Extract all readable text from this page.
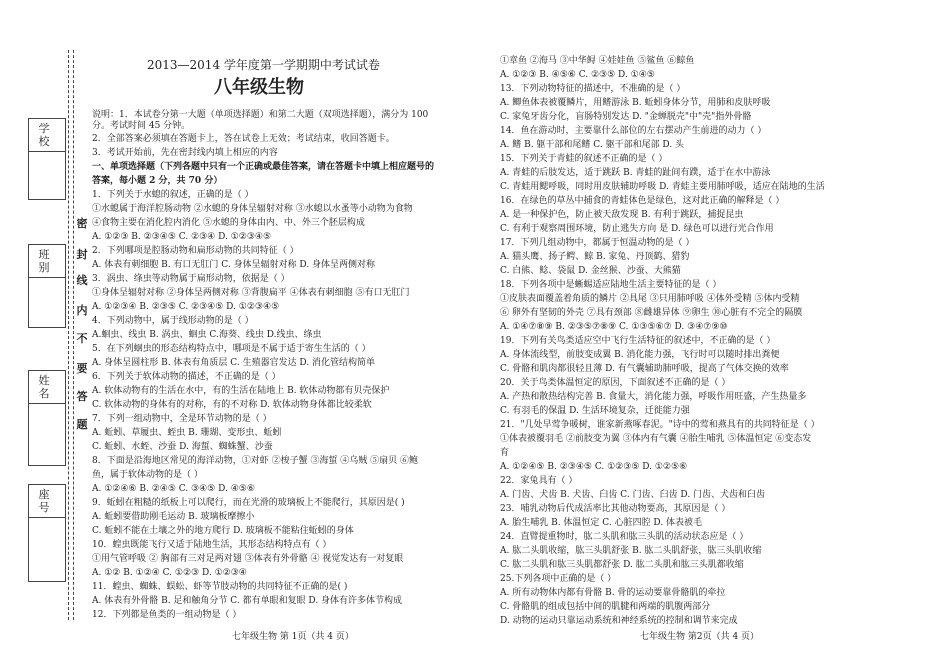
学 校
班 别
姓 名
座 号
密
封
线
内
不
要
答
题
2013—2014 学年度第一学期期中考试试卷
八年级生物
说明：1．本试卷分第一大题（单项选择题）和第二大题（双项选择题），满分为 100
分。考试时间 45 分钟。
2．全部答案必须填在答题卡上，答在试卷上无效；考试结束，收回答题卡。
3．考试开始前，先在密封线内填上相应的内容
一、单项选择题（下列各题中只有一个正确或最佳答案，请在答题卡中填上相应题号的
答案，每小题 2 分，共 70 分）
1．下列关于水螅的叙述，正确的是（ ）
①水螅属于海洋腔肠动物 ②水螅的身体呈辐射对称 ③水螅以水蚤等小动物为食物
④食物主要在消化腔内消化 ⑤水螅的身体由内、中、外三个胚层构成
A. ①②③ B. ②③④⑤ C. ②③④ D. ①②③④⑤
2．下列哪项是腔肠动物和扁形动物的共同特征（ ）
A. 体表有刺细胞 B. 有口无肛门 C. 身体呈辐射对称 D. 身体呈两侧对称
3．涡虫、绦虫等动物属于扁形动物，依据是（ ）
①身体呈辐射对称 ②身体呈两侧对称 ③背腹扁平 ④体表有刺细胞 ⑤有口无肛门
A. ①②③④ B. ②③⑤ C. ②③④⑤ D. ①②③④⑤
4．下列动物中，属于线形动物的是（ ）
A.蛔虫、线虫 B. 涡虫、蛔虫 C.海葵、线虫 D.线虫、绦虫
5．在下列蛔虫的形态结构特点中，哪项是不属于适于寄生生活的（ ）
A. 身体呈圆柱形 B. 体表有角质层 C. 生殖器官发达 D. 消化管结构简单
6．下列关于软体动物的描述，不正确的是（ ）
A. 软体动物有的生活在水中，有的生活在陆地上 B. 软体动物都有贝壳保护
C. 软体动物的身体有的对称，有的不对称 D. 软体动物身体都比较柔软
7．下列一组动物中，全是环节动物的是（ ）
A. 蚯蚓、草履虫、蛭虫 B. 珊瑚、变形虫、蚯蚓
C. 蚯蚓、水蛭、沙蚕 D. 海蜇、蜘蛛蟹、沙蚕
8．下面是沿海地区常见的海洋动物，①对虾 ②梭子蟹 ③海蜇 ④乌贼 ⑤扇贝 ⑥鲍
鱼，属于软体动物的是（ ）
A. ①②④⑥ B. ②④⑤ C. ③④⑤ D. ④⑤⑥
9．蚯蚓在粗糙的纸板上可以爬行，而在光滑的玻璃板上不能爬行，其原因是( )
A. 蚯蚓要借助刚毛运动 B. 玻璃板摩擦小
C. 蚯蚓不能在土壤之外的地方爬行 D. 玻璃板不能粘住蚯蚓的身体
10．蝗虫既能飞行又适于陆地生活，其形态结构特点有（ ）
①用气管呼吸 ② 胸部有三对足两对翅 ③体表有外骨骼 ④ 视觉发达有一对复眼
A. ①② B. ①②④ C. ①②③ D. ①②③④
11．蝗虫、蜘蛛、蜈蚣、虾等节肢动物的共同特征不正确的是( )
A. 体表有外骨骼 B. 足和触角分节 C. 都有单眼和复眼 D. 身体有许多体节构成
12．下列都是鱼类的一组动物是（ ）
①章鱼 ②海马 ③中华鲟 ④娃娃鱼 ⑤鲨鱼 ⑥鲸鱼
A. ①②③ B. ④⑤⑥ C. ②③⑤ D. ①④⑤
13．下列动物特征的描述中，不准确的是（ ）
A. 鲫鱼体表被覆鳞片，用鳍游泳 B. 蚯蚓身体分节，用肺和皮肤呼吸
C. 家兔牙齿分化，盲肠特别发达 D. "金蝉脱壳"中"壳"指外骨骼
14．鱼在游动时，主要靠什么部位的左右摆动产生前进的动力（ ）
A. 鳍 B. 躯干部和尾鳍 C. 躯干部和尾部 D. 头
15．下列关于青蛙的叙述不正确的是（ ）
A. 青蛙的后肢发达，适于跳跃 B. 青蛙的趾间有蹼，适于在水中游泳
C. 青蛙用鳃呼吸，同时用皮肤辅助呼吸 D. 青蛙主要用肺呼吸，适应在陆地的生活
16．在绿色的草丛中捕食的青蛙体色是绿色，这对此正确的解释是（ ）
A. 是一种保护色，防止被天敌发现 B. 有利于跳跃，捕捉昆虫
C. 有利于观察周围环境，防止逃失方向 是 D. 绿色可以进行光合作用
17．下列几组动物中，都属于恒温动物的是（ ）
A. 猫头鹰、扬子鳄、鲸 B. 家兔、丹顶鹤、猎豹
C. 白熊、鲶、袋鼠 D. 金丝猴、沙蚕、大熊猫
18．下列各项中是蜥蜴适应陆地生活主要特征的是（ ）
①皮肤表面覆盖着角质的鳞片 ②具尾 ③只用肺呼吸 ④体外受精 ⑤体内受精
⑥ 卵外有坚韧的外壳 ⑦具有颈部 ⑧雌雄异体 ⑨卵生 ⑩心脏有不完全的隔膜
A. ①④⑦⑧⑨ B. ②③⑤⑦⑧⑨ C. ①③⑤⑥⑦ D. ③④⑦⑨⑩
19．下列有关鸟类适应空中飞行生活特征的叙述中，不正确的是（ ）
A. 身体流线型，前肢变成翼 B. 消化能力强，飞行时可以随时排出粪便
C. 骨骼和肌肉都很轻且薄 D. 有气囊辅助肺呼吸，提高了气体交换的效率
20．关于鸟类体温恒定的原因，下面叙述不正确的是（ ）
A. 产热和散热结构完善 B. 食量大，消化能力强，呼吸作用旺盛，产生热量多
C. 有羽毛的保温 D. 生活环境复杂，迁徙能力强
21．"几处早莺争暖树，谁家新燕啄春泥。"诗中的莺和燕具有的共同特征是（ ）
①体表被覆羽毛 ②前肢变为翼 ③体内有气囊 ④胎生哺乳 ⑤体温恒定 ⑥变态发
育
A. ①②④⑤ B. ②③④⑤ C. ①②③⑤ D. ①②⑤⑥
22．家兔具有（ ）
A. 门齿、犬齿 B. 犬齿、臼齿 C. 门齿、臼齿 D. 门齿、犬齿和臼齿
23．哺乳动物后代成活率比其他动物要高，其原因是（ ）
A. 胎生哺乳 B. 体温恒定 C. 心脏四腔 D. 体表被毛
24．直臂提重物时，肱二头肌和肱三头肌的活动状态应是（ ）
A. 肱二头肌收缩，肱三头肌舒张 B. 肱二头肌舒张，肱三头肌收缩
C. 肱二头肌和肱三头肌都舒张 D. 肱二头肌和肱三头肌都收缩
25.下列各项中正确的是（ ）
A. 所有动物体内都有骨骼 B. 骨的运动要靠骨骼肌的牵拉
C. 骨骼肌的组成包括中间的肌腱和两端的肌腹两部分
D. 动物的运动只靠运动系统和神经系统的控制和调节来完成
七年级生物 第 1页（共 4 页）	七年级生物 第2页（共 4 页）
